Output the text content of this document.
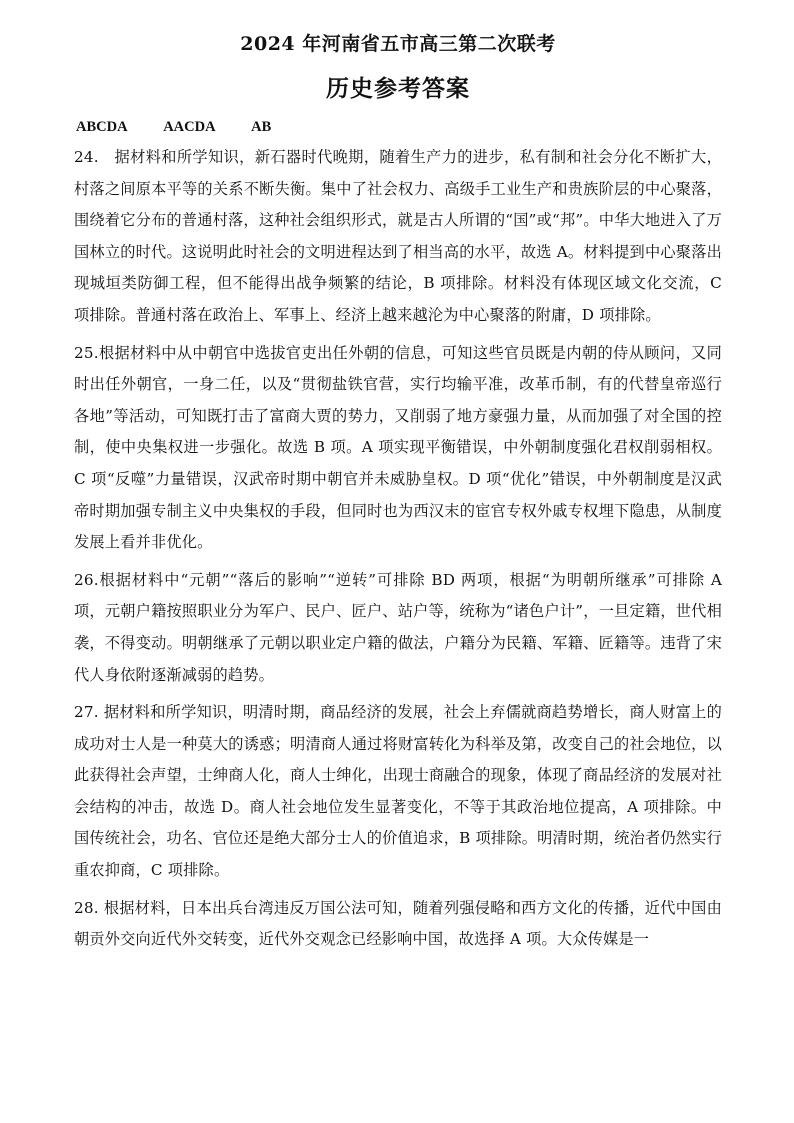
2024 年河南省五市高三第二次联考
历史参考答案
ABCDA AACDA AB

24.　据材料和所学知识，新石器时代晚期，随着生产力的进步，私有制和社会分化不断扩大，村落之间原本平等的关系不断失衡。集中了社会权力、高级手工业生产和贵族阶层的中心聚落，围绕着它分布的普通村落，这种社会组织形式，就是古人所谓的“国”或“邦”。中华大地进入了万国林立的时代。这说明此时社会的文明进程达到了相当高的水平，故选 A。材料提到中心聚落出现城垣类防御工程，但不能得出战争频繁的结论，B 项排除。材料没有体现区域文化交流，C 项排除。普通村落在政治上、军事上、经济上越来越沦为中心聚落的附庸，D 项排除。

25.根据材料中从中朝官中选拔官吏出任外朝的信息，可知这些官员既是内朝的侍从顾问，又同时出任外朝官，一身二任，以及“贯彻盐铁官营，实行均输平准，改革币制，有的代替皇帝巡行各地”等活动，可知既打击了富商大贾的势力，又削弱了地方豪强力量，从而加强了对全国的控制，使中央集权进一步强化。故选 B 项。A 项实现平衡错误，中外朝制度强化君权削弱相权。C 项“反噬”力量错误，汉武帝时期中朝官并未威胁皇权。D 项“优化”错误，中外朝制度是汉武帝时期加强专制主义中央集权的手段，但同时也为西汉末的宦官专权外戚专权埋下隐患，从制度发展上看并非优化。

26.根据材料中“元朝”“落后的影响”“逆转”可排除 BD 两项，根据“为明朝所继承”可排除 A 项，元朝户籍按照职业分为军户、民户、匠户、站户等，统称为“诸色户计”，一旦定籍，世代相袭，不得变动。明朝继承了元朝以职业定户籍的做法，户籍分为民籍、军籍、匠籍等。违背了宋代人身依附逐渐减弱的趋势。

27. 据材料和所学知识，明清时期，商品经济的发展，社会上弃儒就商趋势增长，商人财富上的成功对士人是一种莫大的诱惑；明清商人通过将财富转化为科举及第，改变自己的社会地位，以此获得社会声望，士绅商人化，商人士绅化，出现士商融合的现象，体现了商品经济的发展对社会结构的冲击，故选 D。商人社会地位发生显著变化，不等于其政治地位提高，A 项排除。中国传统社会，功名、官位还是绝大部分士人的价值追求，B 项排除。明清时期，统治者仍然实行重农抑商，C 项排除。

28. 根据材料，日本出兵台湾违反万国公法可知，随着列强侵略和西方文化的传播，近代中国由朝贡外交向近代外交转变，近代外交观念已经影响中国，故选择 A 项。大众传媒是一
